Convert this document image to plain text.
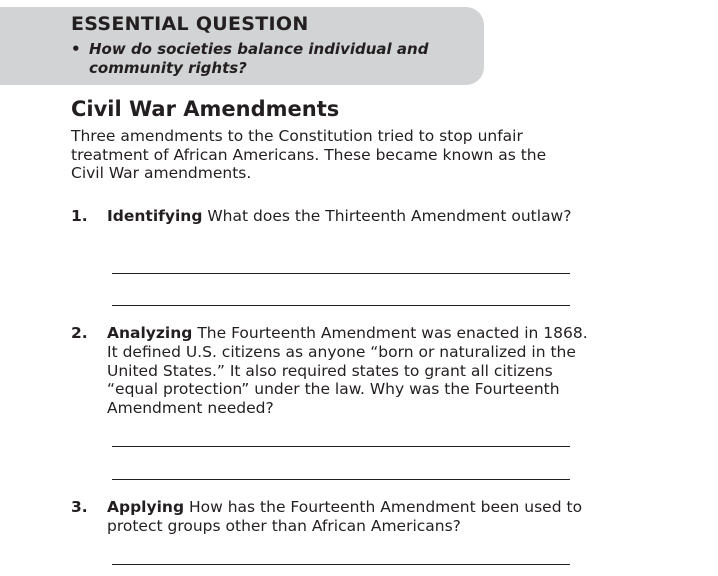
ESSENTIAL QUESTION
• How do societies balance individual and community rights?
Civil War Amendments
Three amendments to the Constitution tried to stop unfair treatment of African Americans. These became known as the Civil War amendments.
1. Identifying What does the Thirteenth Amendment outlaw?
2. Analyzing The Fourteenth Amendment was enacted in 1868. It defined U.S. citizens as anyone “born or naturalized in the United States.” It also required states to grant all citizens “equal protection” under the law. Why was the Fourteenth Amendment needed?
3. Applying How has the Fourteenth Amendment been used to protect groups other than African Americans?
